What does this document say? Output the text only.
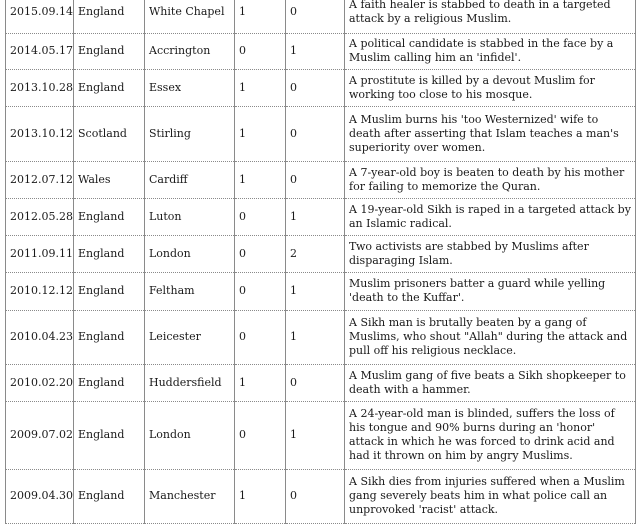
2015.09.14	England	White Chapel	1	0	A faith healer is stabbed to death in a targeted attack by a religious Muslim.
2014.05.17	England	Accrington	0	1	A political candidate is stabbed in the face by a Muslim calling him an 'infidel'.
2013.10.28	England	Essex	1	0	A prostitute is killed by a devout Muslim for working too close to his mosque.
2013.10.12	Scotland	Stirling	1	0	A Muslim burns his 'too Westernized' wife to death after asserting that Islam teaches a man's superiority over women.
2012.07.12	Wales	Cardiff	1	0	A 7-year-old boy is beaten to death by his mother for failing to memorize the Quran.
2012.05.28	England	Luton	0	1	A 19-year-old Sikh is raped in a targeted attack by an Islamic radical.
2011.09.11	England	London	0	2	Two activists are stabbed by Muslims after disparaging Islam.
2010.12.12	England	Feltham	0	1	Muslim prisoners batter a guard while yelling 'death to the Kuffar'.
2010.04.23	England	Leicester	0	1	A Sikh man is brutally beaten by a gang of Muslims, who shout "Allah" during the attack and pull off his religious necklace.
2010.02.20	England	Huddersfield	1	0	A Muslim gang of five beats a Sikh shopkeeper to death with a hammer.
2009.07.02	England	London	0	1	A 24-year-old man is blinded, suffers the loss of his tongue and 90% burns during an 'honor' attack in which he was forced to drink acid and had it thrown on him by angry Muslims.
2009.04.30	England	Manchester	1	0	A Sikh dies from injuries suffered when a Muslim gang severely beats him in what police call an unprovoked 'racist' attack.
